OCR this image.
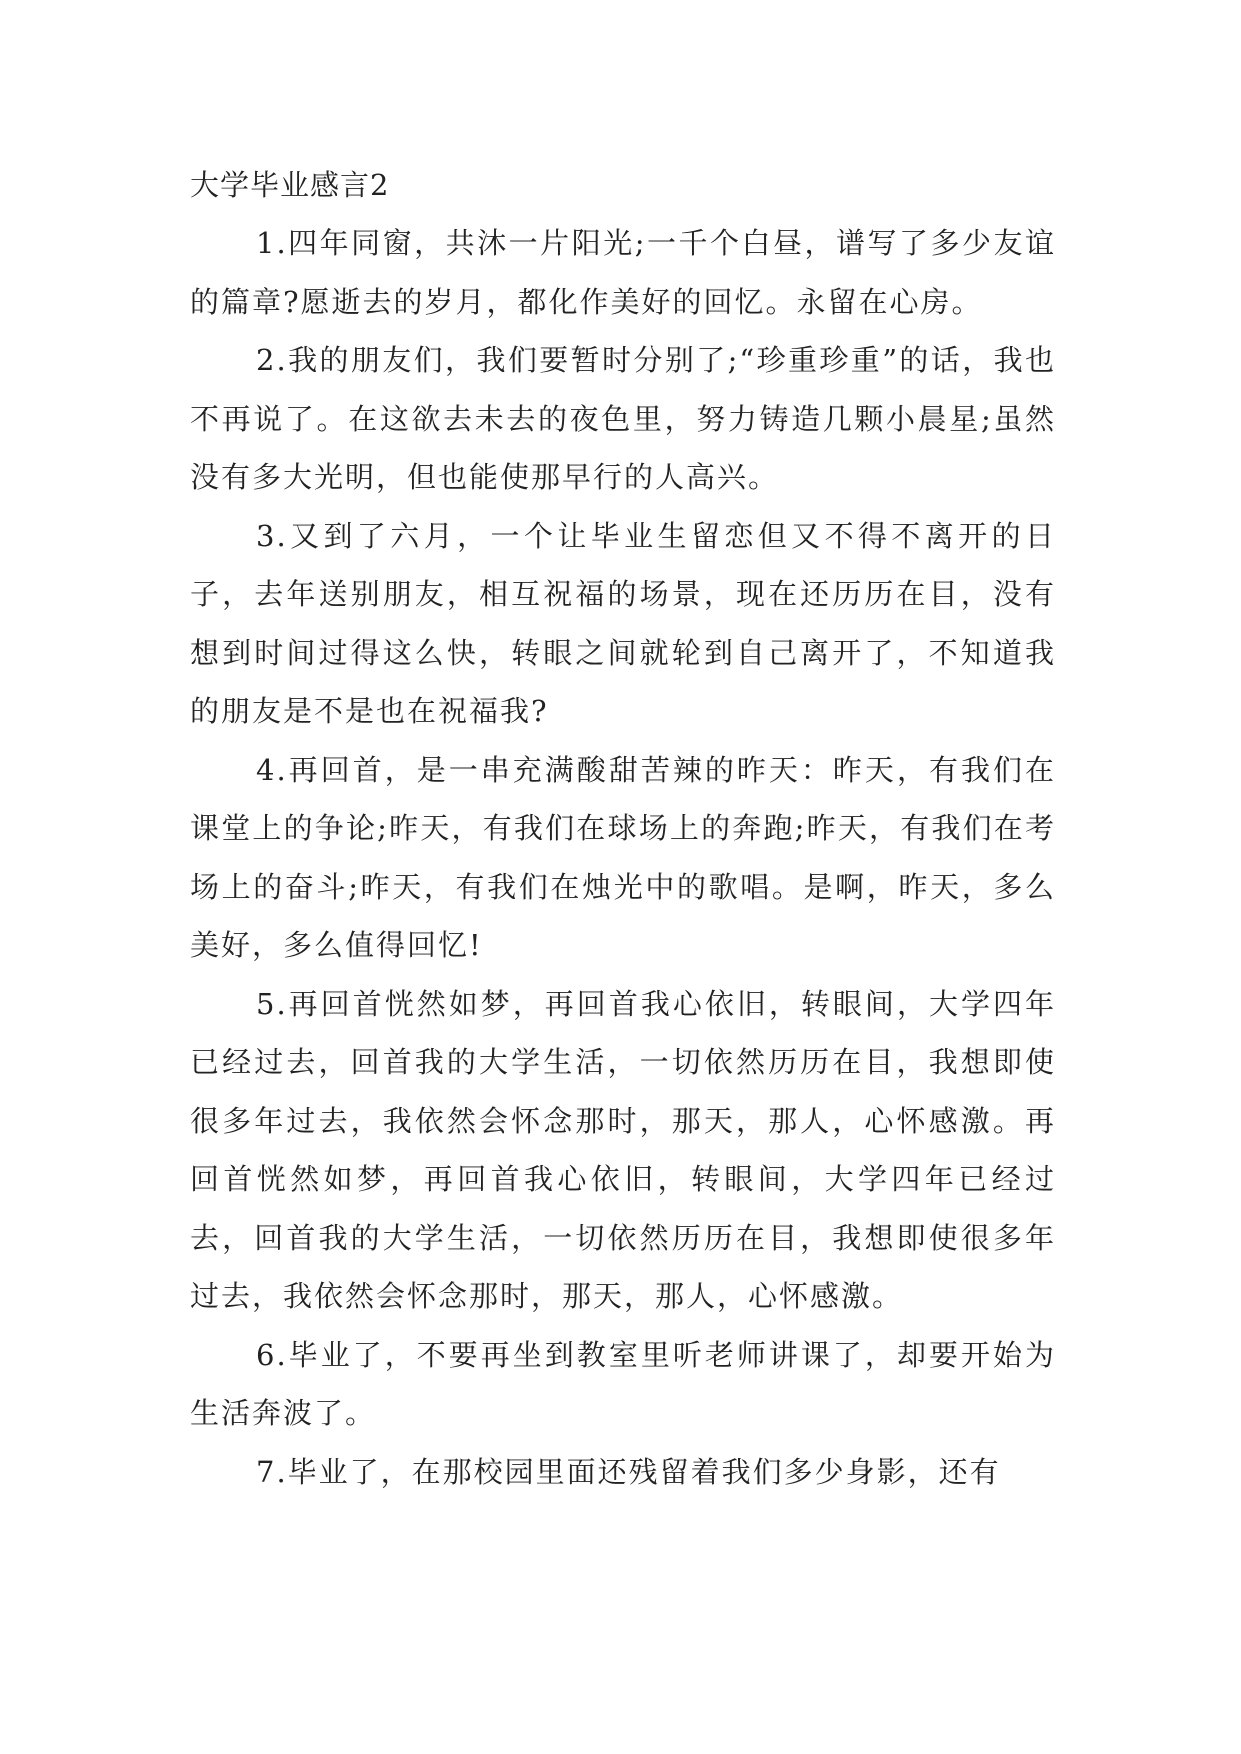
大学毕业感言2

1.四年同窗，共沐一片阳光;一千个白昼，谱写了多少友谊的篇章?愿逝去的岁月，都化作美好的回忆。永留在心房。

2.我的朋友们，我们要暂时分别了;“珍重珍重”的话，我也不再说了。在这欲去未去的夜色里，努力铸造几颗小晨星;虽然没有多大光明，但也能使那早行的人高兴。

3.又到了六月，一个让毕业生留恋但又不得不离开的日子，去年送别朋友，相互祝福的场景，现在还历历在目，没有想到时间过得这么快，转眼之间就轮到自己离开了，不知道我的朋友是不是也在祝福我?

4.再回首，是一串充满酸甜苦辣的昨天：昨天，有我们在课堂上的争论;昨天，有我们在球场上的奔跑;昨天，有我们在考场上的奋斗;昨天，有我们在烛光中的歌唱。是啊，昨天，多么美好，多么值得回忆!

5.再回首恍然如梦，再回首我心依旧，转眼间，大学四年已经过去，回首我的大学生活，一切依然历历在目，我想即使很多年过去，我依然会怀念那时，那天，那人，心怀感激。再回首恍然如梦，再回首我心依旧，转眼间，大学四年已经过去，回首我的大学生活，一切依然历历在目，我想即使很多年过去，我依然会怀念那时，那天，那人，心怀感激。

6.毕业了，不要再坐到教室里听老师讲课了，却要开始为生活奔波了。

7.毕业了，在那校园里面还残留着我们多少身影，还有
